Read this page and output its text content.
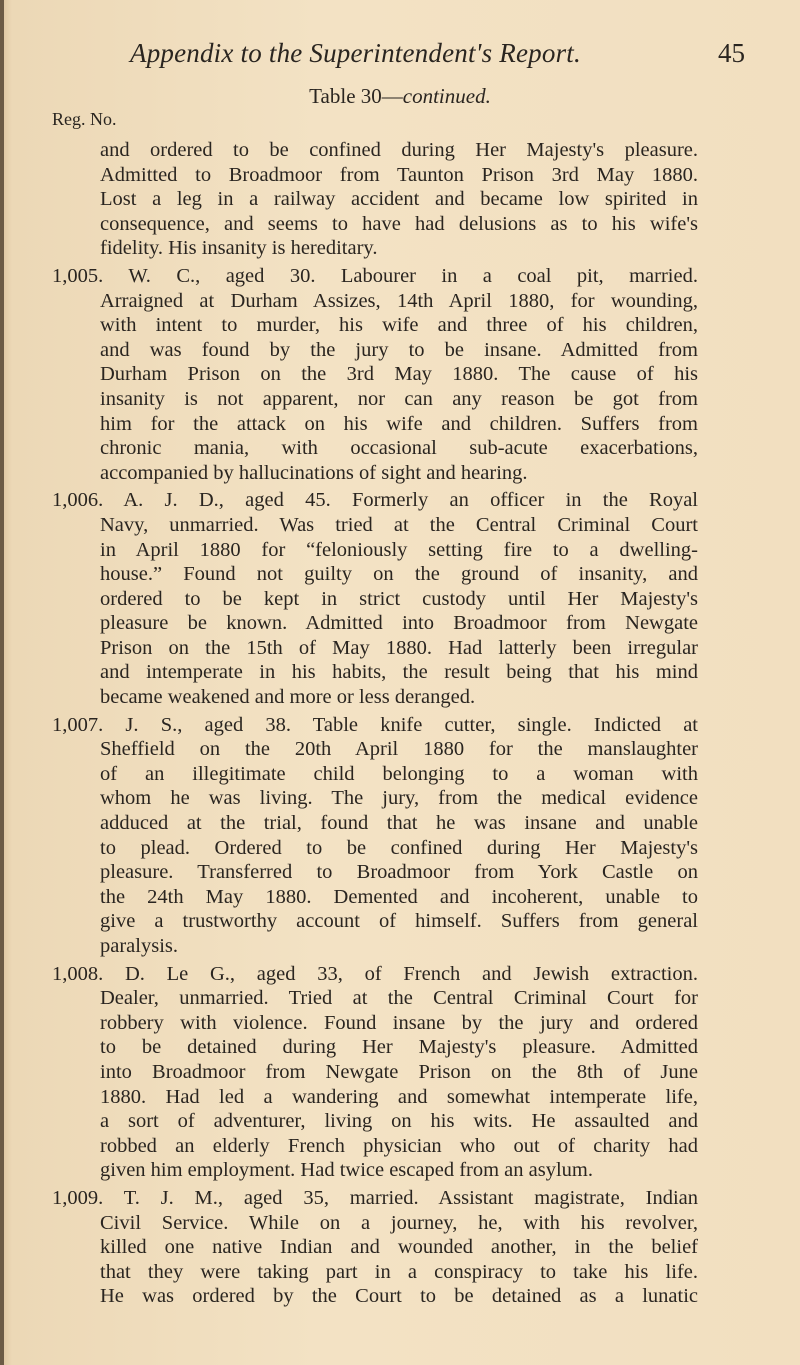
Appendix to the Superintendent's Report.	45
Table 30—continued.
Reg. No.
and ordered to be confined during Her Majesty's pleasure.
Admitted to Broadmoor from Taunton Prison 3rd May 1880.
Lost a leg in a railway accident and became low spirited in
consequence, and seems to have had delusions as to his wife's
fidelity. His insanity is hereditary.
1,005. W. C., aged 30. Labourer in a coal pit, married.
Arraigned at Durham Assizes, 14th April 1880, for wounding,
with intent to murder, his wife and three of his children,
and was found by the jury to be insane. Admitted from
Durham Prison on the 3rd May 1880. The cause of his
insanity is not apparent, nor can any reason be got from
him for the attack on his wife and children. Suffers from
chronic mania, with occasional sub-acute exacerbations,
accompanied by hallucinations of sight and hearing.
1,006. A. J. D., aged 45. Formerly an officer in the Royal
Navy, unmarried. Was tried at the Central Criminal Court
in April 1880 for “feloniously setting fire to a dwelling-
house.” Found not guilty on the ground of insanity, and
ordered to be kept in strict custody until Her Majesty's
pleasure be known. Admitted into Broadmoor from Newgate
Prison on the 15th of May 1880. Had latterly been irregular
and intemperate in his habits, the result being that his mind
became weakened and more or less deranged.
1,007. J. S., aged 38. Table knife cutter, single. Indicted at
Sheffield on the 20th April 1880 for the manslaughter
of an illegitimate child belonging to a woman with
whom he was living. The jury, from the medical evidence
adduced at the trial, found that he was insane and unable
to plead. Ordered to be confined during Her Majesty's
pleasure. Transferred to Broadmoor from York Castle on
the 24th May 1880. Demented and incoherent, unable to
give a trustworthy account of himself. Suffers from general
paralysis.
1,008. D. Le G., aged 33, of French and Jewish extraction.
Dealer, unmarried. Tried at the Central Criminal Court for
robbery with violence. Found insane by the jury and ordered
to be detained during Her Majesty's pleasure. Admitted
into Broadmoor from Newgate Prison on the 8th of June
1880. Had led a wandering and somewhat intemperate life,
a sort of adventurer, living on his wits. He assaulted and
robbed an elderly French physician who out of charity had
given him employment. Had twice escaped from an asylum.
1,009. T. J. M., aged 35, married. Assistant magistrate, Indian
Civil Service. While on a journey, he, with his revolver,
killed one native Indian and wounded another, in the belief
that they were taking part in a conspiracy to take his life.
He was ordered by the Court to be detained as a lunatic
